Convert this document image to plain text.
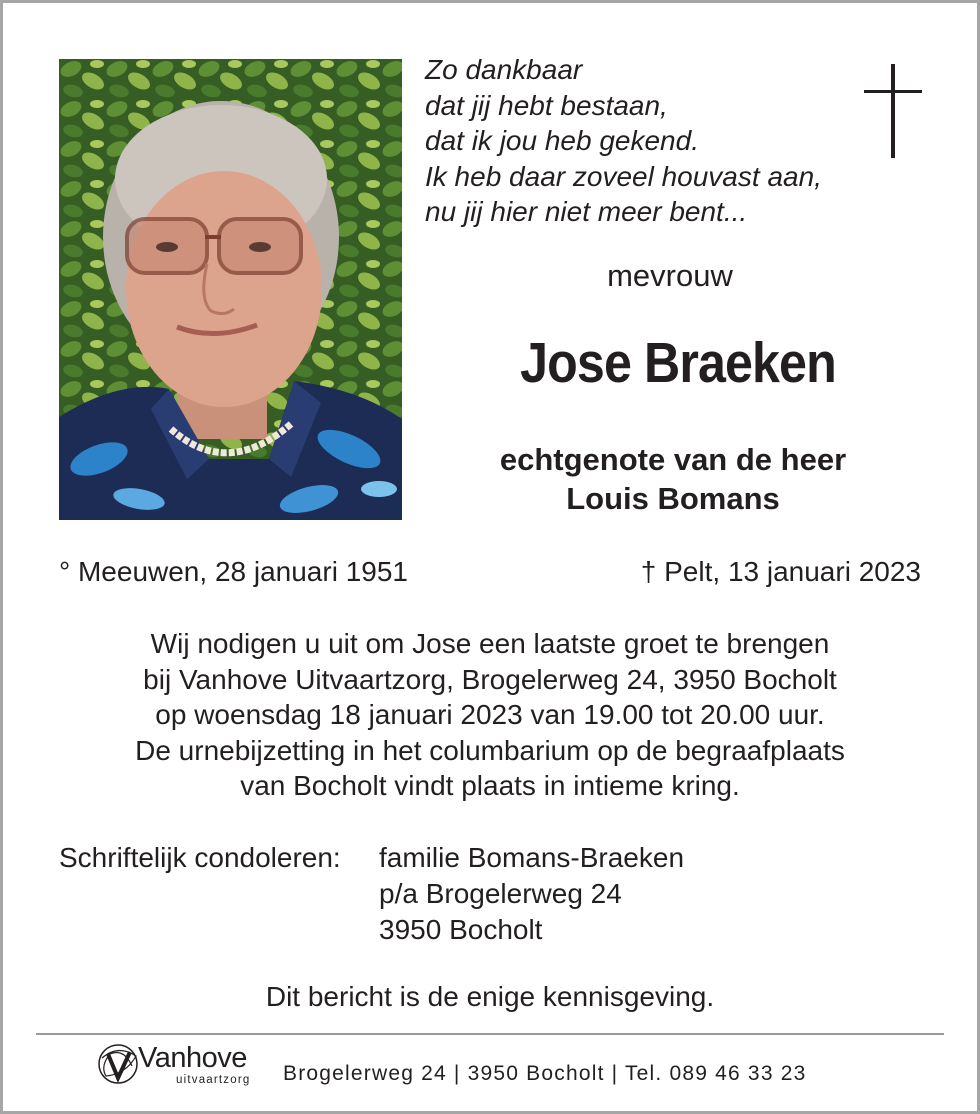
Zo dankbaar
dat jij hebt bestaan,
dat ik jou heb gekend.
Ik heb daar zoveel houvast aan,
nu jij hier niet meer bent...
mevrouw
Jose Braeken
echtgenote van de heer
Louis Bomans
° Meeuwen, 28 januari 1951	† Pelt, 13 januari 2023
Wij nodigen u uit om Jose een laatste groet te brengen
bij Vanhove Uitvaartzorg, Brogelerweg 24, 3950 Bocholt
op woensdag 18 januari 2023 van 19.00 tot 20.00 uur.
De urnebijzetting in het columbarium op de begraafplaats
van Bocholt vindt plaats in intieme kring.
Schriftelijk condoleren: familie Bomans-Braeken
p/a Brogelerweg 24
3950 Bocholt
Dit bericht is de enige kennisgeving.
Vanhove
uitvaartzorg Brogelerweg 24 | 3950 Bocholt | Tel. 089 46 33 23
